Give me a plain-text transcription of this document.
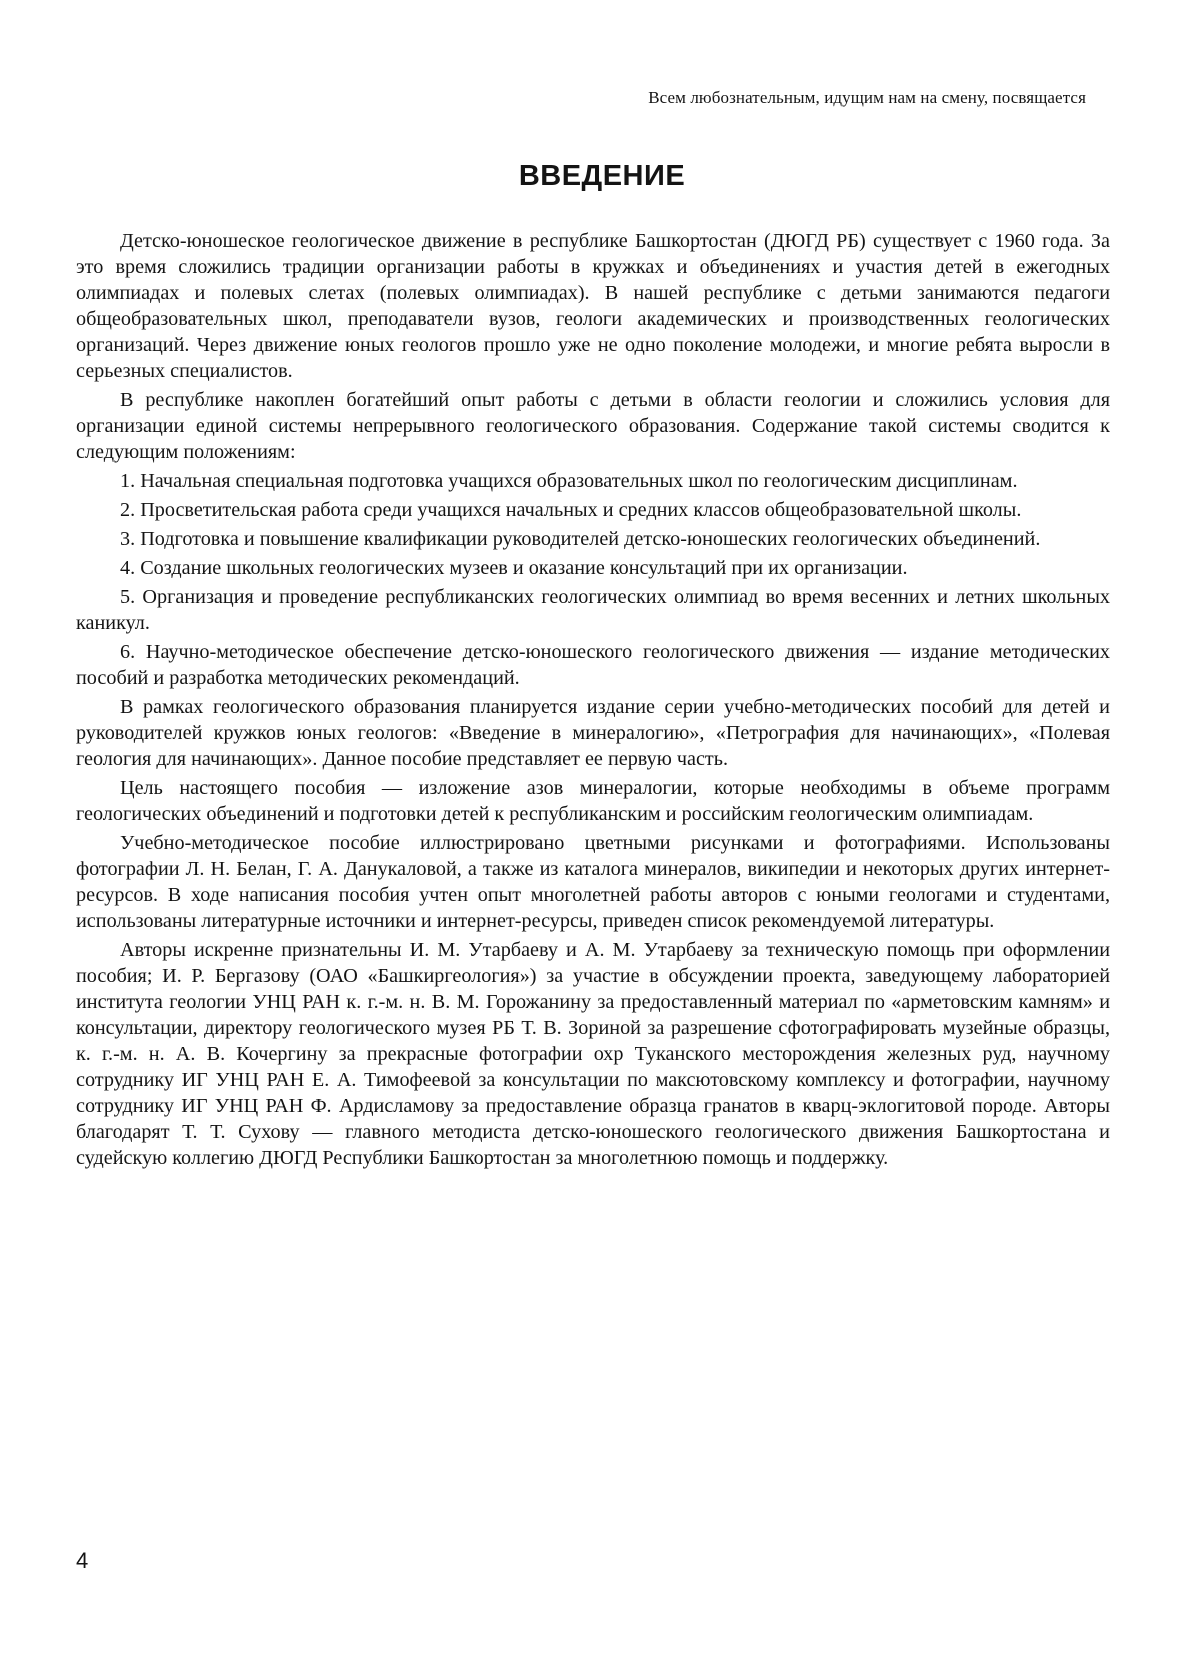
Всем любознательным, идущим нам на смену, посвящается
ВВЕДЕНИЕ

Детско-юношеское геологическое движение в республике Башкортостан (ДЮГД РБ) существует с 1960 года. За это время сложились традиции организации работы в кружках и объединениях и участия детей в ежегодных олимпиадах и полевых слетах (полевых олимпиадах). В нашей республике с детьми занимаются педагоги общеобразовательных школ, преподаватели вузов, геологи академических и производственных геологических организаций. Через движение юных геологов прошло уже не одно поколение молодежи, и многие ребята выросли в серьезных специалистов.

В республике накоплен богатейший опыт работы с детьми в области геологии и сложились условия для организации единой системы непрерывного геологического образования. Содержание такой системы сводится к следующим положениям:

1. Начальная специальная подготовка учащихся образовательных школ по геологическим дисциплинам.

2. Просветительская работа среди учащихся начальных и средних классов общеобразовательной школы.

3. Подготовка и повышение квалификации руководителей детско-юношеских геологических объединений.

4. Создание школьных геологических музеев и оказание консультаций при их организации.

5. Организация и проведение республиканских геологических олимпиад во время весенних и летних школьных каникул.

6. Научно-методическое обеспечение детско-юношеского геологического движения — издание методических пособий и разработка методических рекомендаций.

В рамках геологического образования планируется издание серии учебно-методических пособий для детей и руководителей кружков юных геологов: «Введение в минералогию», «Петрография для начинающих», «Полевая геология для начинающих». Данное пособие представляет ее первую часть.

Цель настоящего пособия — изложение азов минералогии, которые необходимы в объеме программ геологических объединений и подготовки детей к республиканским и российским геологическим олимпиадам.

Учебно-методическое пособие иллюстрировано цветными рисунками и фотографиями. Использованы фотографии Л. Н. Белан, Г. А. Данукаловой, а также из каталога минералов, википедии и некоторых других интернет-ресурсов. В ходе написания пособия учтен опыт многолетней работы авторов с юными геологами и студентами, использованы литературные источники и интернет-ресурсы, приведен список рекомендуемой литературы.

Авторы искренне признательны И. М. Утарбаеву и А. М. Утарбаеву за техническую помощь при оформлении пособия; И. Р. Бергазову (ОАО «Башкиргеология») за участие в обсуждении проекта, заведующему лабораторией института геологии УНЦ РАН к. г.-м. н. В. М. Горожанину за предоставленный материал по «арметовским камням» и консультации, директору геологического музея РБ Т. В. Зориной за разрешение сфотографировать музейные образцы, к. г.-м. н. А. В. Кочергину за прекрасные фотографии охр Туканского месторождения железных руд, научному сотруднику ИГ УНЦ РАН Е. А. Тимофеевой за консультации по максютовскому комплексу и фотографии, научному сотруднику ИГ УНЦ РАН Ф. Ардисламову за предоставление образца гранатов в кварц-эклогитовой породе. Авторы благодарят Т. Т. Сухову — главного методиста детско-юношеского геологического движения Башкортостана и судейскую коллегию ДЮГД Республики Башкортостан за многолетнюю помощь и поддержку.

4
